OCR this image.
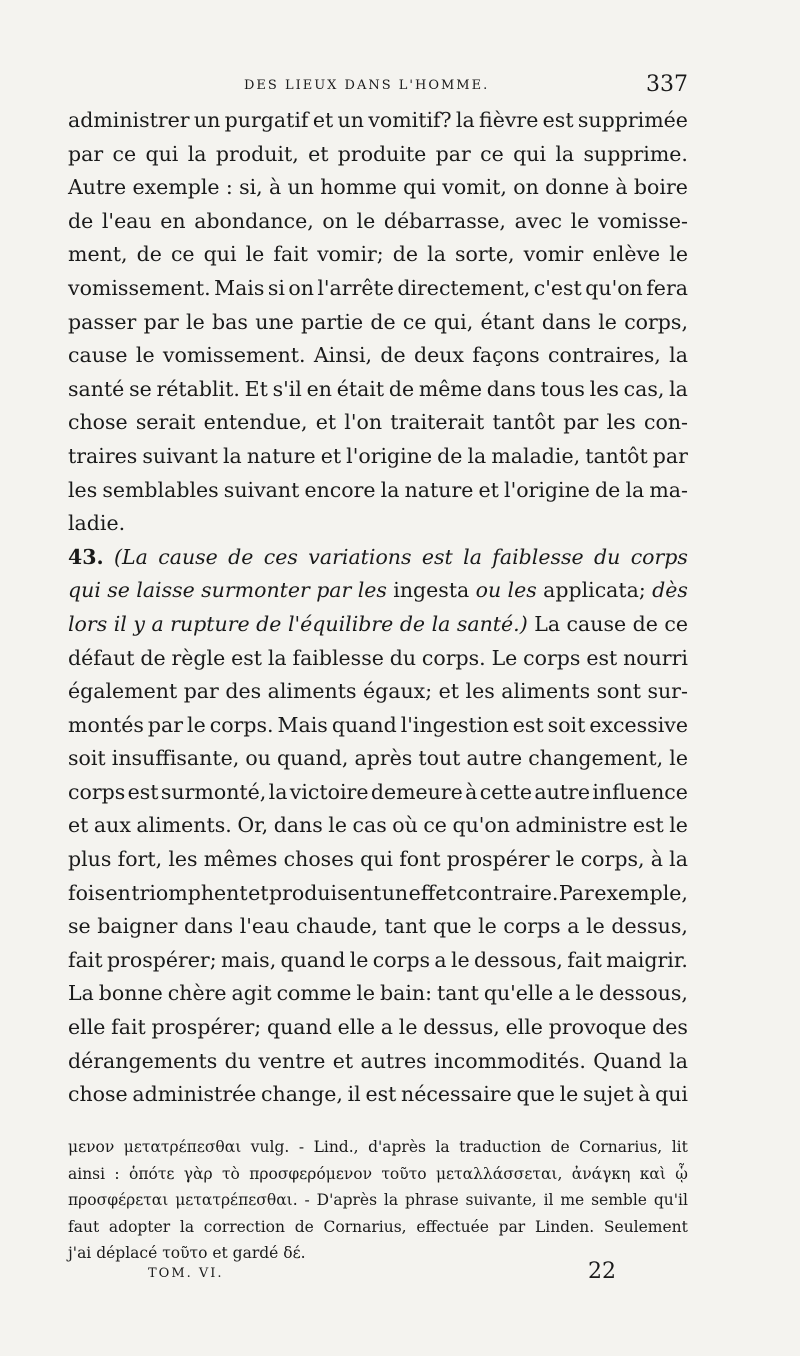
DES LIEUX DANS L'HOMME.	337
administrer un purgatif et un vomitif? la fièvre est supprimée
par ce qui la produit, et produite par ce qui la supprime.
Autre exemple : si, à un homme qui vomit, on donne à boire
de l'eau en abondance, on le débarrasse, avec le vomisse-
ment, de ce qui le fait vomir; de la sorte, vomir enlève le
vomissement. Mais si on l'arrête directement, c'est qu'on fera
passer par le bas une partie de ce qui, étant dans le corps,
cause le vomissement. Ainsi, de deux façons contraires, la
santé se rétablit. Et s'il en était de même dans tous les cas, la
chose serait entendue, et l'on traiterait tantôt par les con-
traires suivant la nature et l'origine de la maladie, tantôt par
les semblables suivant encore la nature et l'origine de la ma-
ladie.
43. (La cause de ces variations est la faiblesse du corps
qui se laisse surmonter par les ingesta ou les applicata; dès
lors il y a rupture de l'équilibre de la santé.) La cause de ce
défaut de règle est la faiblesse du corps. Le corps est nourri
également par des aliments égaux; et les aliments sont sur-
montés par le corps. Mais quand l'ingestion est soit excessive
soit insuffisante, ou quand, après tout autre changement, le
corps est surmonté, la victoire demeure à cette autre influence
et aux aliments. Or, dans le cas où ce qu'on administre est le
plus fort, les mêmes choses qui font prospérer le corps, à la
fois en triomphent et produisent un effet contraire. Par exemple,
se baigner dans l'eau chaude, tant que le corps a le dessus,
fait prospérer; mais, quand le corps a le dessous, fait maigrir.
La bonne chère agit comme le bain: tant qu'elle a le dessous,
elle fait prospérer; quand elle a le dessus, elle provoque des
dérangements du ventre et autres incommodités. Quand la
chose administrée change, il est nécessaire que le sujet à qui
μενον μετατρέπεσθαι vulg. - Lind., d'après la traduction de Cornarius, lit
ainsi : ὁπότε γὰρ τὸ προσφερόμενον τοῦτο μεταλλάσσεται, ἀνάγκη καὶ ᾧ
προσφέρεται μετατρέπεσθαι. - D'après la phrase suivante, il me semble qu'il
faut adopter la correction de Cornarius, effectuée par Linden. Seulement
j'ai déplacé τοῦτο et gardé δέ.
TOM. VI.	22
